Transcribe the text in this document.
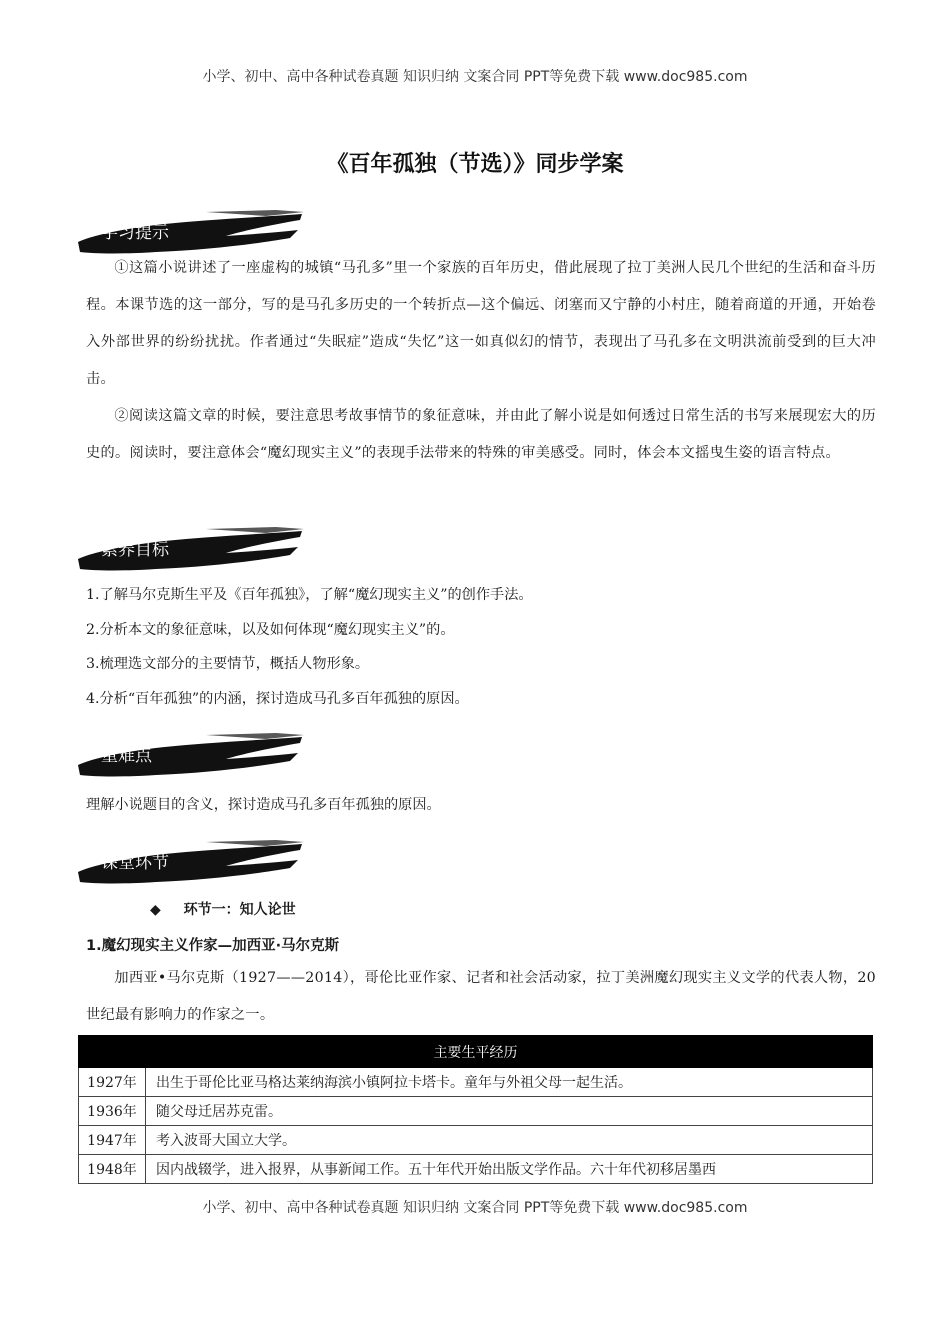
小学、初中、高中各种试卷真题 知识归纳 文案合同 PPT等免费下载 www.doc985.com
《百年孤独（节选）》同步学案
学习提示
①这篇小说讲述了一座虚构的城镇“马孔多”里一个家族的百年历史，借此展现了拉丁美洲人民几个世纪的生活和奋斗历程。本课节选的这一部分，写的是马孔多历史的一个转折点—这个偏远、闭塞而又宁静的小村庄，随着商道的开通，开始卷入外部世界的纷纷扰扰。作者通过“失眠症”造成“失忆”这一如真似幻的情节，表现出了马孔多在文明洪流前受到的巨大冲击。
②阅读这篇文章的时候，要注意思考故事情节的象征意味，并由此了解小说是如何透过日常生活的书写来展现宏大的历史的。阅读时，要注意体会“魔幻现实主义”的表现手法带来的特殊的审美感受。同时，体会本文摇曳生姿的语言特点。
素养目标
1.了解马尔克斯生平及《百年孤独》，了解“魔幻现实主义”的创作手法。
2.分析本文的象征意味，以及如何体现“魔幻现实主义”的。
3.梳理选文部分的主要情节，概括人物形象。
4.分析“百年孤独”的内涵，探讨造成马孔多百年孤独的原因。
重难点
理解小说题目的含义，探讨造成马孔多百年孤独的原因。
课堂环节
◆ 环节一：知人论世
1.魔幻现实主义作家—加西亚·马尔克斯
加西亚•马尔克斯（1927——2014），哥伦比亚作家、记者和社会活动家，拉丁美洲魔幻现实主义文学的代表人物，20世纪最有影响力的作家之一。
主要生平经历	
1927年	出生于哥伦比亚马格达莱纳海滨小镇阿拉卡塔卡。童年与外祖父母一起生活。
1936年	随父母迁居苏克雷。
1947年	考入波哥大国立大学。
1948年	因内战辍学，进入报界，从事新闻工作。五十年代开始出版文学作品。六十年代初移居墨西
小学、初中、高中各种试卷真题 知识归纳 文案合同 PPT等免费下载 www.doc985.com
